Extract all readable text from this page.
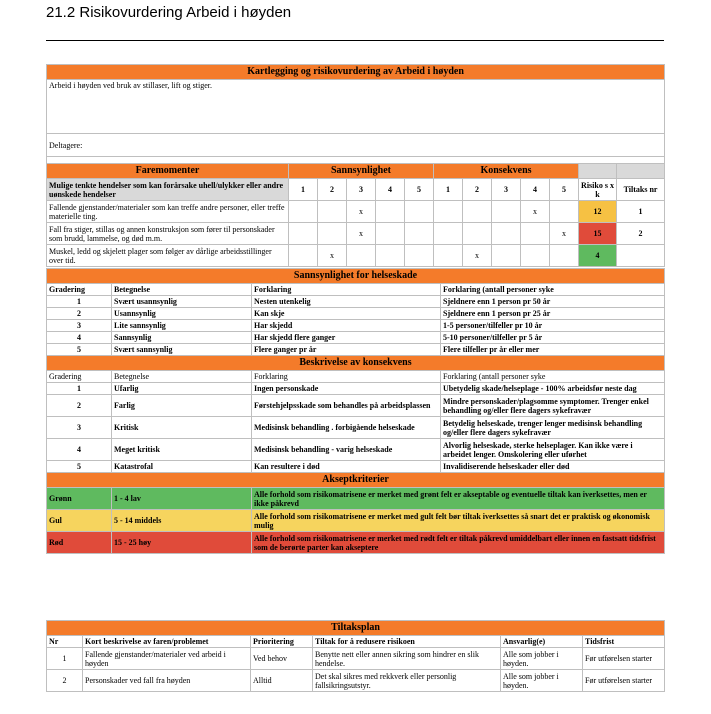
21.2 Risikovurdering Arbeid i høyden
Kartlegging og risikovurdering av Arbeid i høyden												
Arbeid i høyden ved bruk av stillaser, lift og stiger.												
Deltagere:												

Faremomenter	Sannsynlighet					Konsekvens						
Mulige tenkte hendelser som kan forårsake uhell/ulykker eller andre uønskede hendelser	1	2	3	4	5	1	2	3	4	5	Risiko s x k	Tiltaks nr
Fallende gjenstander/materialer som kan treffe andre personer, eller treffe materielle ting.			x						x		12	1
Fall fra stiger, stillas og annen konstruksjon som fører til personskader som brudd, lammelse, og død m.m.			x							x	15	2
Muskel, ledd og skjelett plager som følger av dårlige arbeidsstillinger over tid.		x					x				4	
Sannsynlighet for helseskade			
Gradering	Betegnelse	Forklaring	Forklaring (antall personer syke
1	Svært usannsynlig	Nesten utenkelig	Sjeldnere enn 1 person pr 50 år
2	Usannsynlig	Kan skje	Sjeldnere enn 1 person pr 25 år
3	Lite sannsynlig	Har skjedd	1-5 personer/tilfeller pr 10 år
4	Sannsynlig	Har skjedd flere ganger	5-10 personer/tilfeller pr 5 år
5	Svært sannsynlig	Flere ganger pr år	Flere tilfeller pr år eller mer
Beskrivelse av konsekvens			
Gradering	Betegnelse	Forklaring	Forklaring (antall personer syke
1	Ufarlig	Ingen personskade	Ubetydelig skade/helseplage - 100% arbeidsfør neste dag
2	Farlig	Førstehjelpsskade som behandles på arbeidsplassen	Mindre personskader/plagsomme symptomer. Trenger enkel behandling og/eller flere dagers sykefravær
3	Kritisk	Medisinsk behandling . forbigående helseskade	Betydelig helseskade, trenger lenger medisinsk behandling og/eller flere dagers sykefravær
4	Meget kritisk	Medisinsk behandling - varig helseskade	Alvorlig helseskade, sterke helseplager. Kan ikke være i arbeidet lenger. Omskolering eller uførhet
5	Katastrofal	Kan resultere i død	Invalidiserende helseskader eller død
Akseptkriterier			
Grønn	1 - 4 lav	Alle forhold som risikomatrisene er merket med grønt felt er akseptable og eventuelle tiltak kan iverksettes, men er ikke påkrevd	
Gul	5 - 14 middels	Alle forhold som risikomatrisene er merket med gult felt bør tiltak iverksettes så snart det er praktisk og økonomisk mulig	
Rød	15 - 25 høy	Alle forhold som risikomatrisene er merket med rødt felt er tiltak påkrevd umiddelbart eller innen en fastsatt tidsfrist som de berørte parter kan akseptere	
Tiltaksplan					
Nr	Kort beskrivelse av faren/problemet	Prioritering	Tiltak for å redusere risikoen	Ansvarlig(e)	Tidsfrist
1	Fallende gjenstander/materialer ved arbeid i høyden	Ved behov	Benytte nett eller annen sikring som hindrer en slik hendelse.	Alle som jobber i høyden.	Før utførelsen starter
2	Personskader ved fall fra høyden	Alltid	Det skal sikres med rekkverk eller personlig fallsikringsutstyr.	Alle som jobber i høyden.	Før utførelsen starter
